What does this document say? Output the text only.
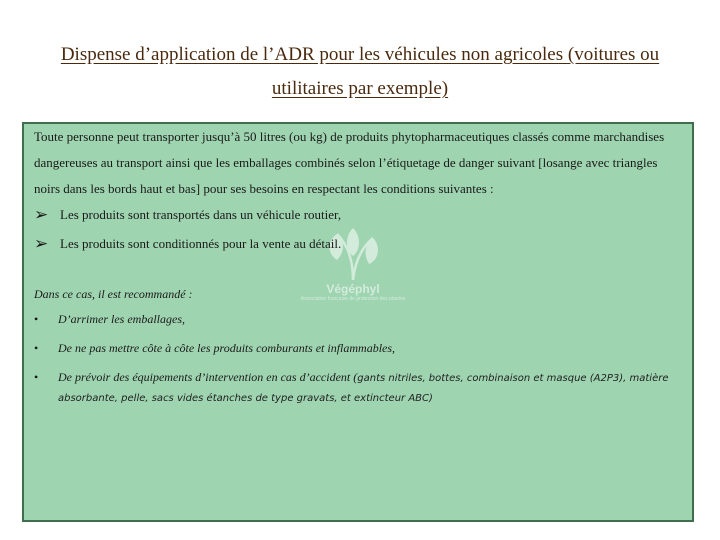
Dispense d’application de l’ADR pour les véhicules non agricoles (voitures ou utilitaires par exemple)
Végéphyl
Association française de protection des plantes
Toute personne peut transporter jusqu’à 50 litres (ou kg) de produits phytopharmaceutiques classés comme marchandises dangereuses au transport ainsi que les emballages combinés selon l’étiquetage de danger suivant [losange avec triangles noirs dans les bords haut et bas] pour ses besoins en respectant les conditions suivantes :
➢ Les produits sont transportés dans un véhicule routier,
➢ Les produits sont conditionnés pour la vente au détail.
Dans ce cas, il est recommandé :
•	D’arrimer les emballages,
•	De ne pas mettre côte à côte les produits comburants et inflammables,
•	De prévoir des équipements d’intervention en cas d’accident (gants nitriles, bottes, combinaison et masque (A2P3), matière absorbante, pelle, sacs vides étanches de type gravats, et extincteur ABC)
